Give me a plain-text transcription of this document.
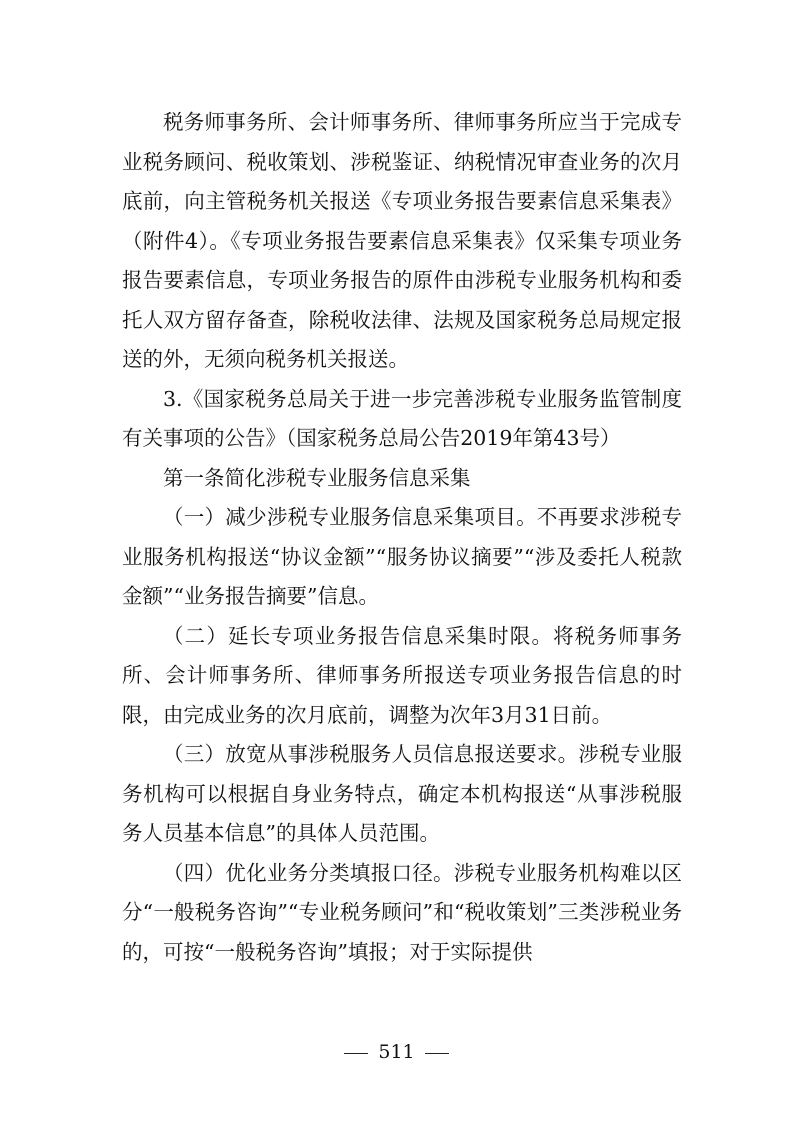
税务师事务所、会计师事务所、律师事务所应当于完成专业税务顾问、税收策划、涉税鉴证、纳税情况审查业务的次月底前，向主管税务机关报送《专项业务报告要素信息采集表》（附件4）。《专项业务报告要素信息采集表》仅采集专项业务报告要素信息，专项业务报告的原件由涉税专业服务机构和委托人双方留存备查，除税收法律、法规及国家税务总局规定报送的外，无须向税务机关报送。

3.《国家税务总局关于进一步完善涉税专业服务监管制度有关事项的公告》（国家税务总局公告2019年第43号）

第一条简化涉税专业服务信息采集

（一）减少涉税专业服务信息采集项目。不再要求涉税专业服务机构报送“协议金额”“服务协议摘要”“涉及委托人税款金额”“业务报告摘要”信息。

（二）延长专项业务报告信息采集时限。将税务师事务所、会计师事务所、律师事务所报送专项业务报告信息的时限，由完成业务的次月底前，调整为次年3月31日前。

（三）放宽从事涉税服务人员信息报送要求。涉税专业服务机构可以根据自身业务特点，确定本机构报送“从事涉税服务人员基本信息”的具体人员范围。

（四）优化业务分类填报口径。涉税专业服务机构难以区分“一般税务咨询”“专业税务顾问”和“税收策划”三类涉税业务的，可按“一般税务咨询”填报；对于实际提供

511
